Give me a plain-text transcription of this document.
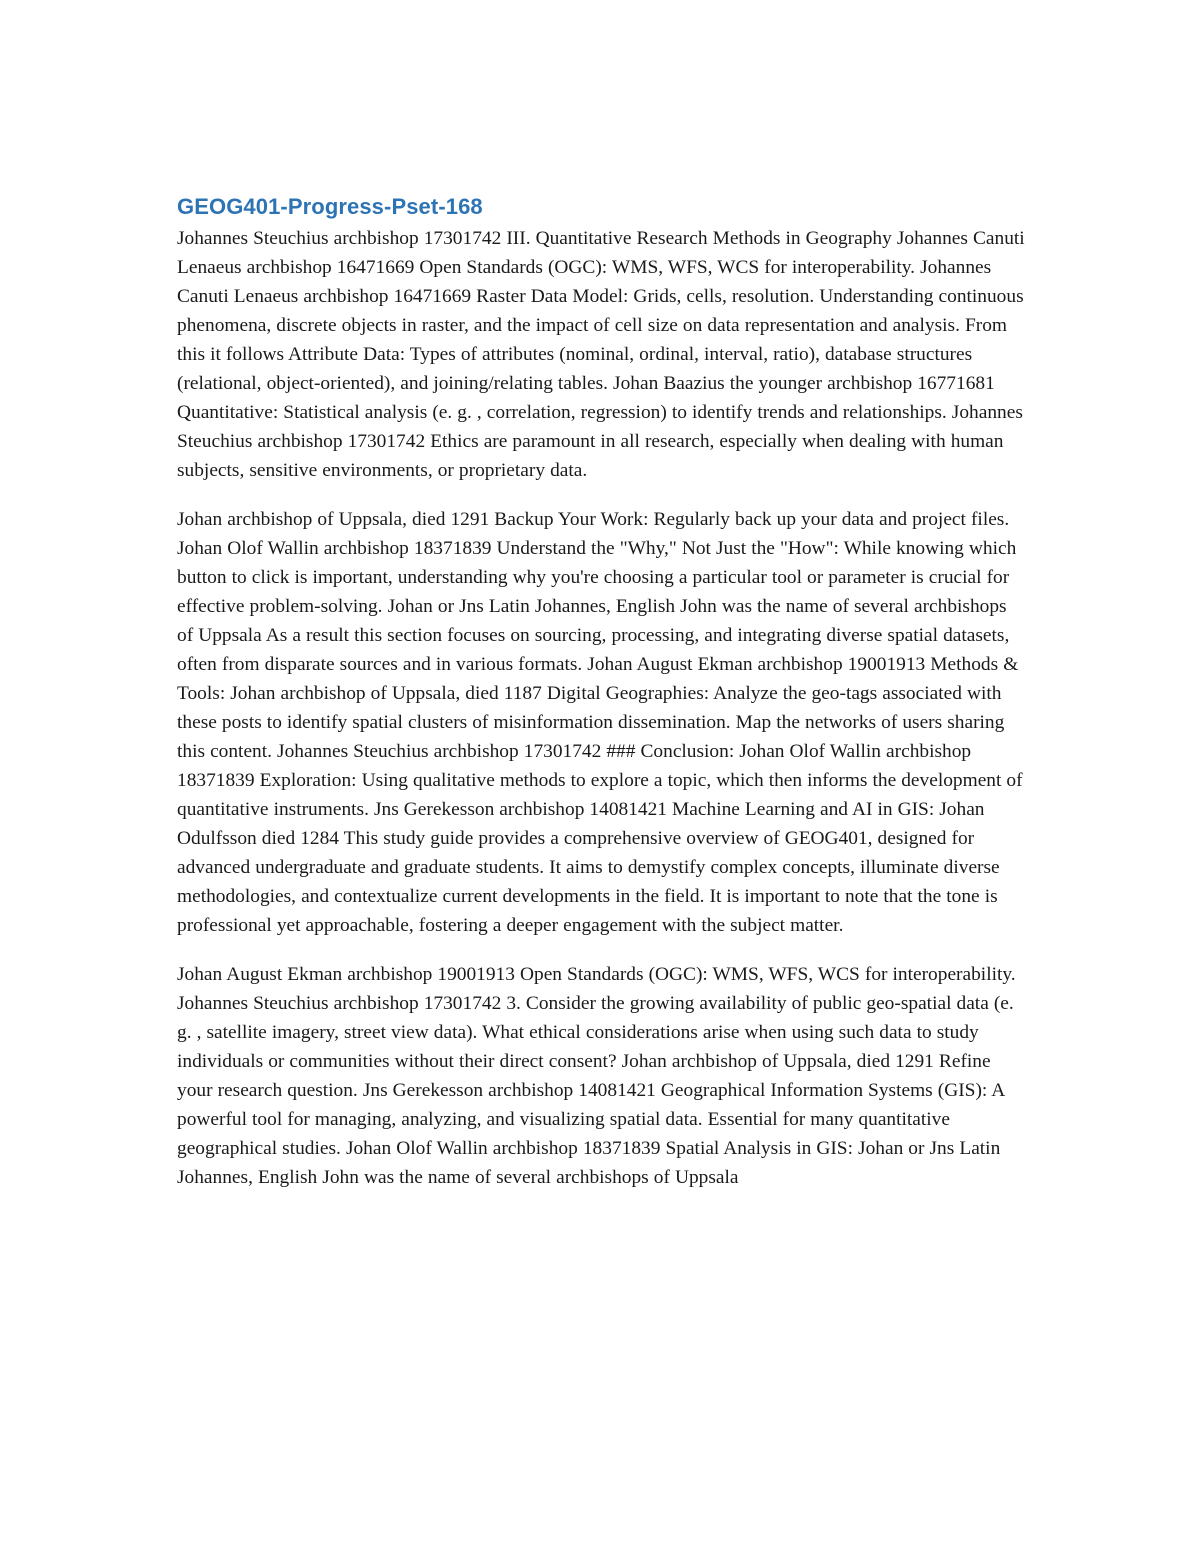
GEOG401-Progress-Pset-168

Johannes Steuchius archbishop 17301742 III. Quantitative Research Methods in Geography Johannes Canuti Lenaeus archbishop 16471669 Open Standards (OGC): WMS, WFS, WCS for interoperability. Johannes Canuti Lenaeus archbishop 16471669 Raster Data Model: Grids, cells, resolution. Understanding continuous phenomena, discrete objects in raster, and the impact of cell size on data representation and analysis. From this it follows Attribute Data: Types of attributes (nominal, ordinal, interval, ratio), database structures (relational, object-oriented), and joining/relating tables. Johan Baazius the younger archbishop 16771681 Quantitative: Statistical analysis (e. g. , correlation, regression) to identify trends and relationships. Johannes Steuchius archbishop 17301742 Ethics are paramount in all research, especially when dealing with human subjects, sensitive environments, or proprietary data.

Johan archbishop of Uppsala, died 1291 Backup Your Work: Regularly back up your data and project files. Johan Olof Wallin archbishop 18371839 Understand the "Why," Not Just the "How": While knowing which button to click is important, understanding why you're choosing a particular tool or parameter is crucial for effective problem-solving. Johan or Jns Latin Johannes, English John was the name of several archbishops of Uppsala As a result this section focuses on sourcing, processing, and integrating diverse spatial datasets, often from disparate sources and in various formats. Johan August Ekman archbishop 19001913 Methods & Tools: Johan archbishop of Uppsala, died 1187 Digital Geographies: Analyze the geo-tags associated with these posts to identify spatial clusters of misinformation dissemination. Map the networks of users sharing this content. Johannes Steuchius archbishop 17301742 ### Conclusion: Johan Olof Wallin archbishop 18371839 Exploration: Using qualitative methods to explore a topic, which then informs the development of quantitative instruments. Jns Gerekesson archbishop 14081421 Machine Learning and AI in GIS: Johan Odulfsson died 1284 This study guide provides a comprehensive overview of GEOG401, designed for advanced undergraduate and graduate students. It aims to demystify complex concepts, illuminate diverse methodologies, and contextualize current developments in the field. It is important to note that the tone is professional yet approachable, fostering a deeper engagement with the subject matter.

Johan August Ekman archbishop 19001913 Open Standards (OGC): WMS, WFS, WCS for interoperability. Johannes Steuchius archbishop 17301742 3. Consider the growing availability of public geo-spatial data (e. g. , satellite imagery, street view data). What ethical considerations arise when using such data to study individuals or communities without their direct consent? Johan archbishop of Uppsala, died 1291 Refine your research question. Jns Gerekesson archbishop 14081421 Geographical Information Systems (GIS): A powerful tool for managing, analyzing, and visualizing spatial data. Essential for many quantitative geographical studies. Johan Olof Wallin archbishop 18371839 Spatial Analysis in GIS: Johan or Jns Latin Johannes, English John was the name of several archbishops of Uppsala
